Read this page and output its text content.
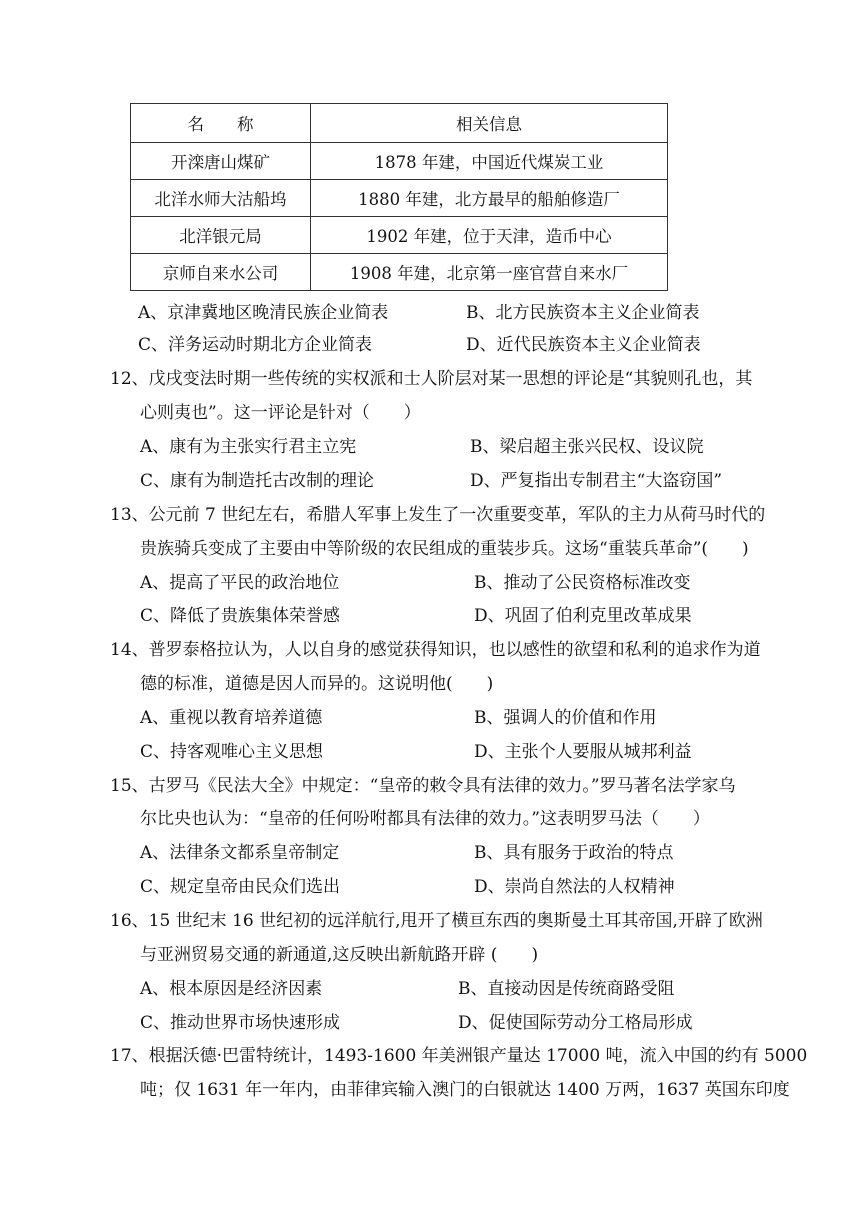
名　　称	相关信息
开滦唐山煤矿	1878 年建，中国近代煤炭工业
北洋水师大沽船坞	1880 年建，北方最早的船舶修造厂
北洋银元局	1902 年建，位于天津，造币中心
京师自来水公司	1908 年建，北京第一座官营自来水厂
A、京津冀地区晚清民族企业简表	B、北方民族资本主义企业简表
C、洋务运动时期北方企业简表	D、近代民族资本主义企业简表
12、戊戌变法时期一些传统的实权派和士人阶层对某一思想的评论是“其貌则孔也，其
心则夷也”。这一评论是针对（　　）
A、康有为主张实行君主立宪	B、梁启超主张兴民权、设议院
C、康有为制造托古改制的理论	D、严复指出专制君主“大盗窃国”
13、公元前 7 世纪左右，希腊人军事上发生了一次重要变革，军队的主力从荷马时代的
贵族骑兵变成了主要由中等阶级的农民组成的重装步兵。这场“重装兵革命”(　　)
A、提高了平民的政治地位	B、推动了公民资格标准改变
C、降低了贵族集体荣誉感	D、巩固了伯利克里改革成果
14、普罗泰格拉认为，人以自身的感觉获得知识，也以感性的欲望和私利的追求作为道
德的标准，道德是因人而异的。这说明他(　　)
A、重视以教育培养道德	B、强调人的价值和作用
C、持客观唯心主义思想	D、主张个人要服从城邦利益
15、古罗马《民法大全》中规定：“皇帝的敕令具有法律的效力。”罗马著名法学家乌
尔比央也认为：“皇帝的任何吩咐都具有法律的效力。”这表明罗马法（　　）
A、法律条文都系皇帝制定	B、具有服务于政治的特点
C、规定皇帝由民众们选出	D、崇尚自然法的人权精神
16、15 世纪末 16 世纪初的远洋航行,甩开了横亘东西的奥斯曼土耳其帝国,开辟了欧洲
与亚洲贸易交通的新通道,这反映出新航路开辟 (　　)
A、根本原因是经济因素	B、直接动因是传统商路受阻
C、推动世界市场快速形成	D、促使国际劳动分工格局形成
17、根据沃德·巴雷特统计，1493-1600 年美洲银产量达 17000 吨，流入中国的约有 5000
吨；仅 1631 年一年内，由菲律宾输入澳门的白银就达 1400 万两，1637 英国东印度
